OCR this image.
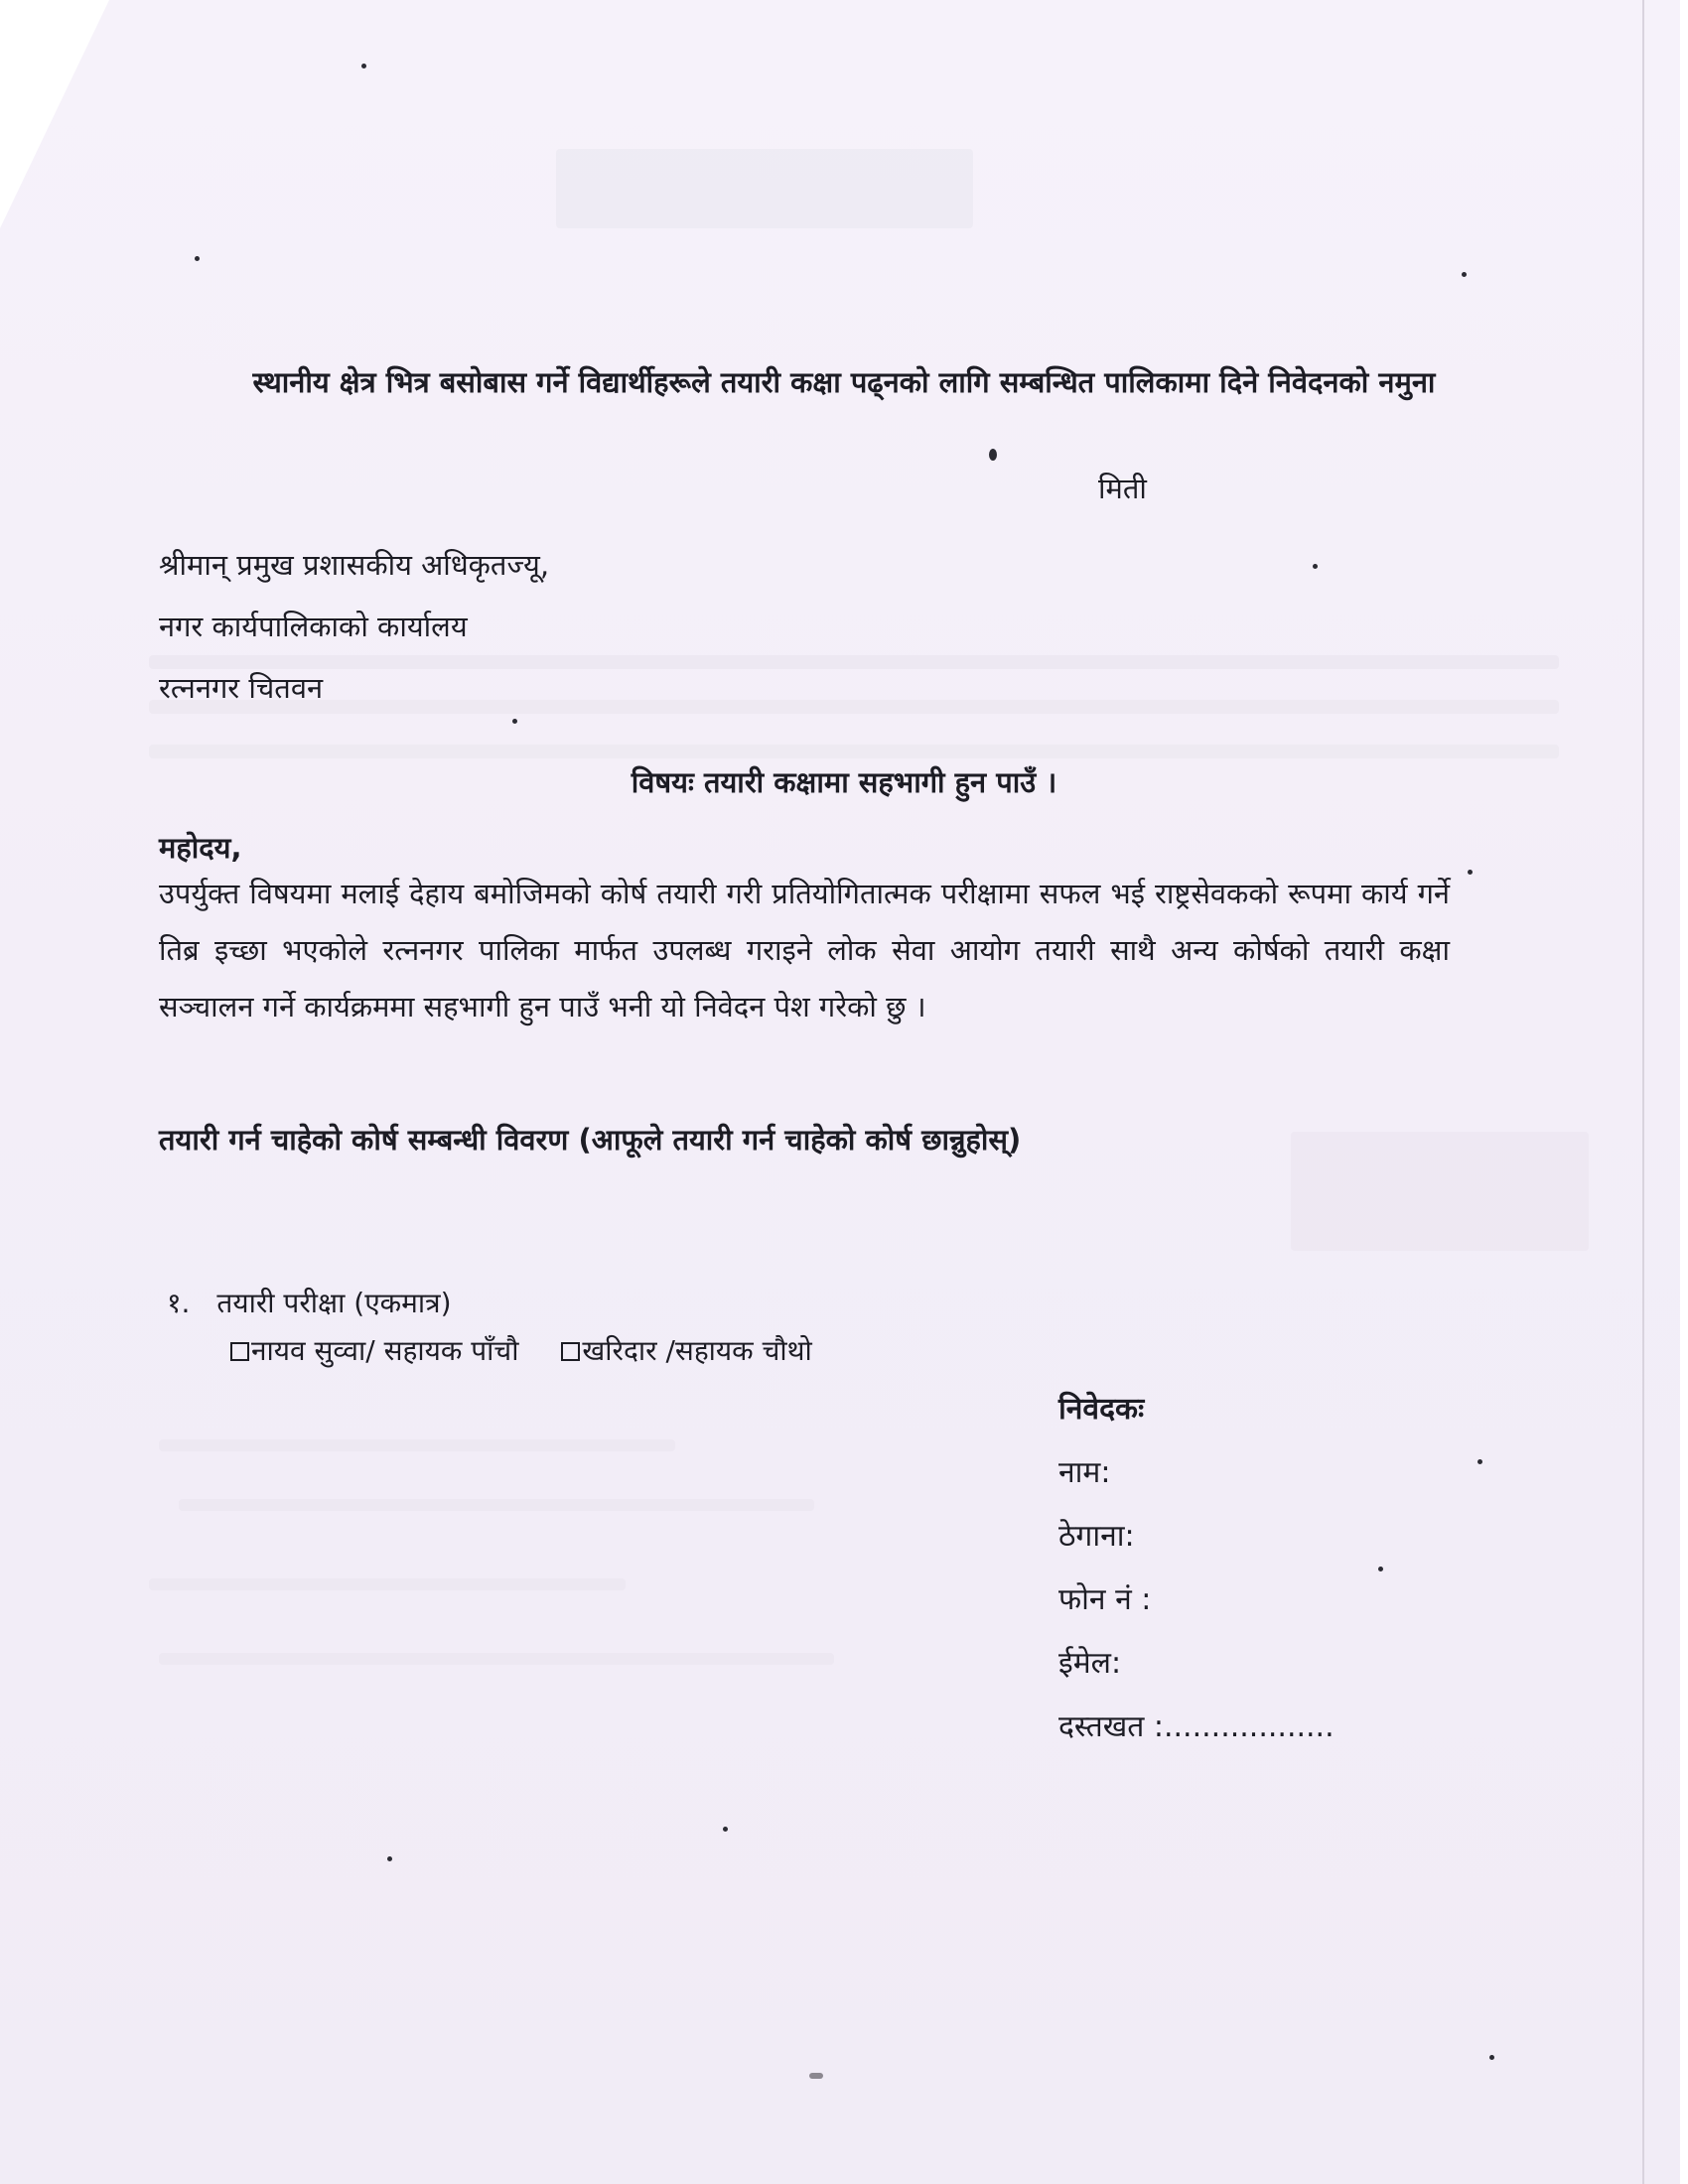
स्थानीय क्षेत्र भित्र बसोबास गर्ने विद्यार्थीहरूले तयारी कक्षा पढ्नको लागि सम्बन्धित पालिकामा दिने निवेदनको नमुना
मिती
श्रीमान् प्रमुख प्रशासकीय अधिकृतज्यू,
नगर कार्यपालिकाको कार्यालय
रत्ननगर चितवन
विषयः तयारी कक्षामा सहभागी हुन पाउँ ।
महोदय,
उपर्युक्त विषयमा मलाई देहाय बमोजिमको कोर्ष तयारी गरी प्रतियोगितात्मक परीक्षामा सफल भई राष्ट्रसेवकको रूपमा कार्य गर्ने तिब्र इच्छा भएकोले रत्ननगर पालिका मार्फत उपलब्ध गराइने लोक सेवा आयोग तयारी साथै अन्य कोर्षको तयारी कक्षा सञ्चालन गर्ने कार्यक्रममा सहभागी हुन पाउँ भनी यो निवेदन पेश गरेको छु ।
तयारी गर्न चाहेको कोर्ष सम्बन्धी विवरण (आफूले तयारी गर्न चाहेको कोर्ष छान्नुहोस्)
१. तयारी परीक्षा (एकमात्र)
नायव सुव्वा/ सहायक पाँचौ खरिदार /सहायक चौथो
निवेदकः
नाम:
ठेगाना:
फोन नं :
ईमेल:
दस्तखत :..................
